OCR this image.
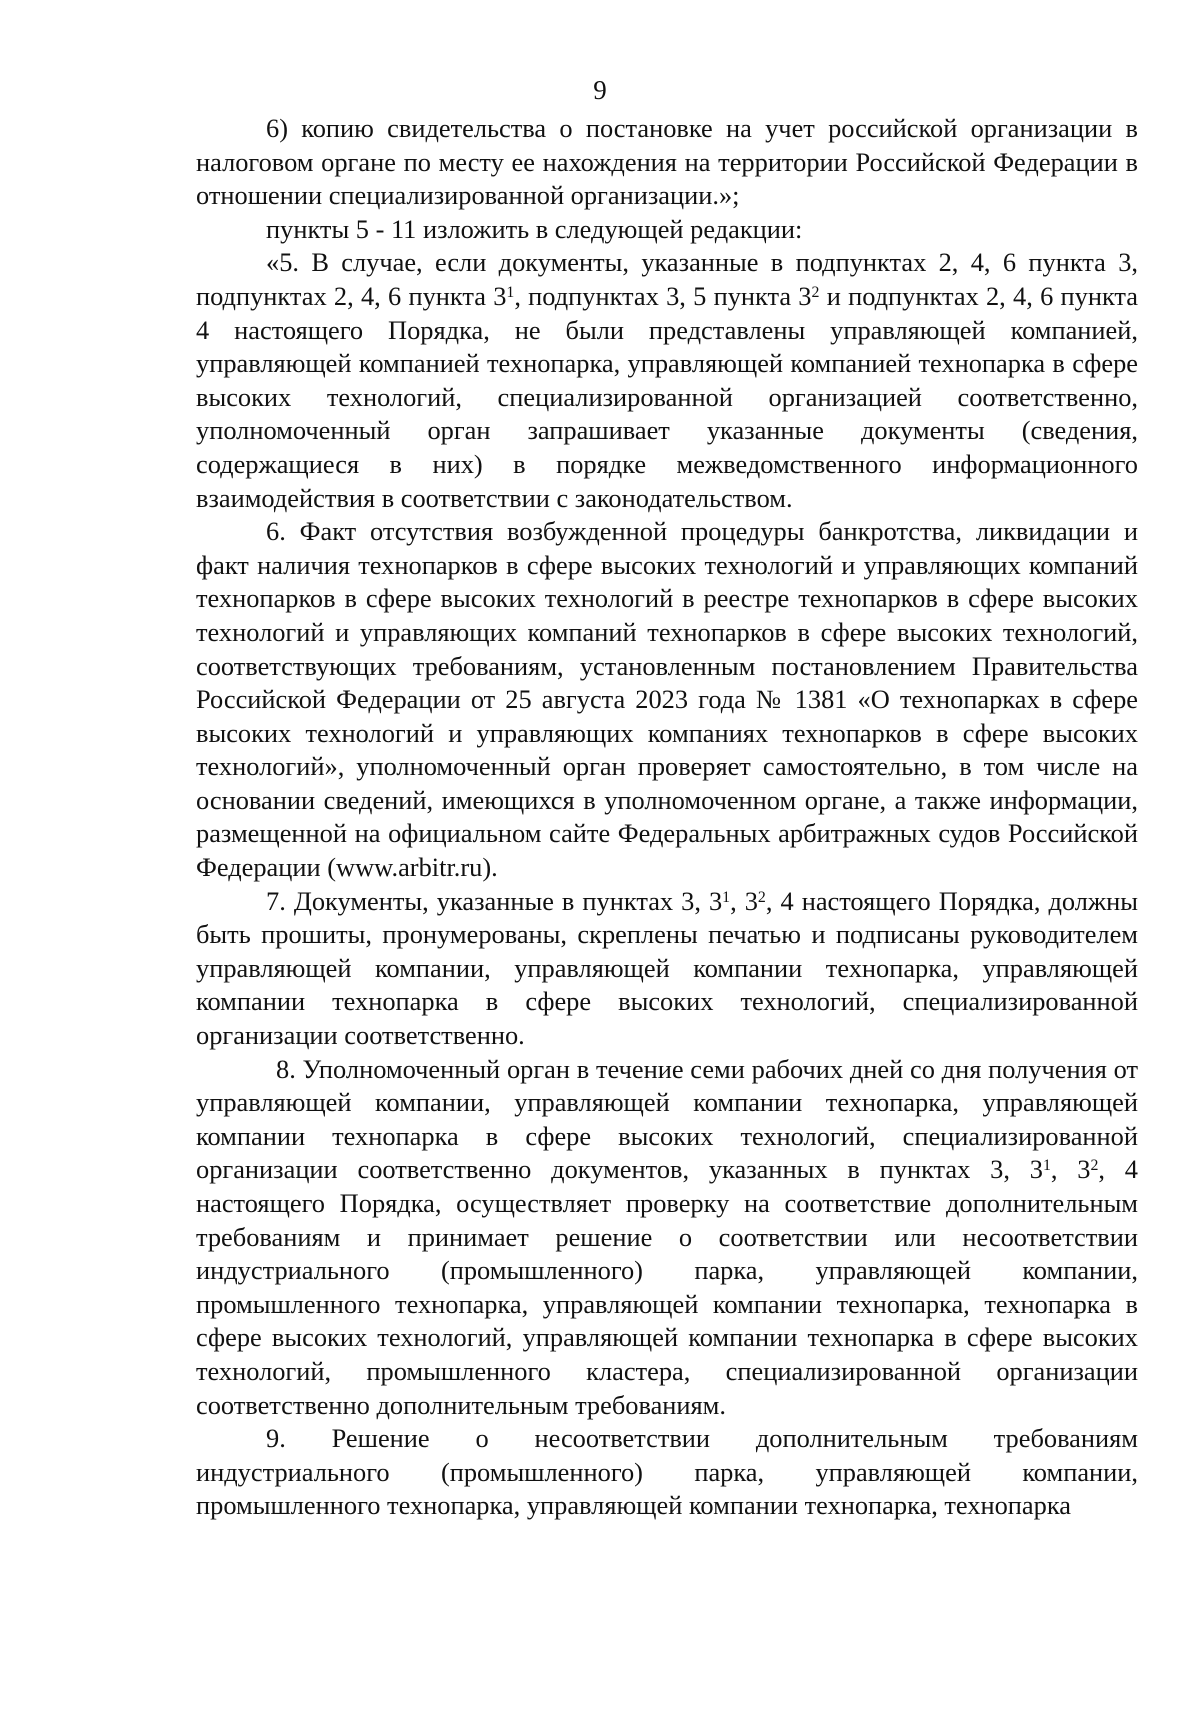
9

6) копию свидетельства о постановке на учет российской организации в налоговом органе по месту ее нахождения на территории Российской Федерации в отношении специализированной организации.»;

пункты 5 - 11 изложить в следующей редакции:

«5. В случае, если документы, указанные в подпунктах 2, 4, 6 пункта 3, подпунктах 2, 4, 6 пункта $3^1$, подпунктах 3, 5 пункта $3^2$ и подпунктах 2, 4, 6 пункта 4 настоящего Порядка, не были представлены управляющей компанией, управляющей компанией технопарка, управляющей компанией технопарка в сфере высоких технологий, специализированной организацией соответственно, уполномоченный орган запрашивает указанные документы (сведения, содержащиеся в них) в порядке межведомственного информационного взаимодействия в соответствии с законодательством.

6. Факт отсутствия возбужденной процедуры банкротства, ликвидации и факт наличия технопарков в сфере высоких технологий и управляющих компаний технопарков в сфере высоких технологий в реестре технопарков в сфере высоких технологий и управляющих компаний технопарков в сфере высоких технологий, соответствующих требованиям, установленным постановлением Правительства Российской Федерации от 25 августа 2023 года № 1381 «О технопарках в сфере высоких технологий и управляющих компаниях технопарков в сфере высоких технологий», уполномоченный орган проверяет самостоятельно, в том числе на основании сведений, имеющихся в уполномоченном органе, а также информации, размещенной на официальном сайте Федеральных арбитражных судов Российской Федерации (www.arbitr.ru).

7. Документы, указанные в пунктах 3, $3^1$, $3^2$, 4 настоящего Порядка, должны быть прошиты, пронумерованы, скреплены печатью и подписаны руководителем управляющей компании, управляющей компании технопарка, управляющей компании технопарка в сфере высоких технологий, специализированной организации соответственно.

8. Уполномоченный орган в течение семи рабочих дней со дня получения от управляющей компании, управляющей компании технопарка, управляющей компании технопарка в сфере высоких технологий, специализированной организации соответственно документов, указанных в пунктах 3, $3^1$, $3^2$, 4 настоящего Порядка, осуществляет проверку на соответствие дополнительным требованиям и принимает решение о соответствии или несоответствии индустриального (промышленного) парка, управляющей компании, промышленного технопарка, управляющей компании технопарка, технопарка в сфере высоких технологий, управляющей компании технопарка в сфере высоких технологий, промышленного кластера, специализированной организации соответственно дополнительным требованиям.

9. Решение о несоответствии дополнительным требованиям индустриального (промышленного) парка, управляющей компании, промышленного технопарка, управляющей компании технопарка, технопарка
